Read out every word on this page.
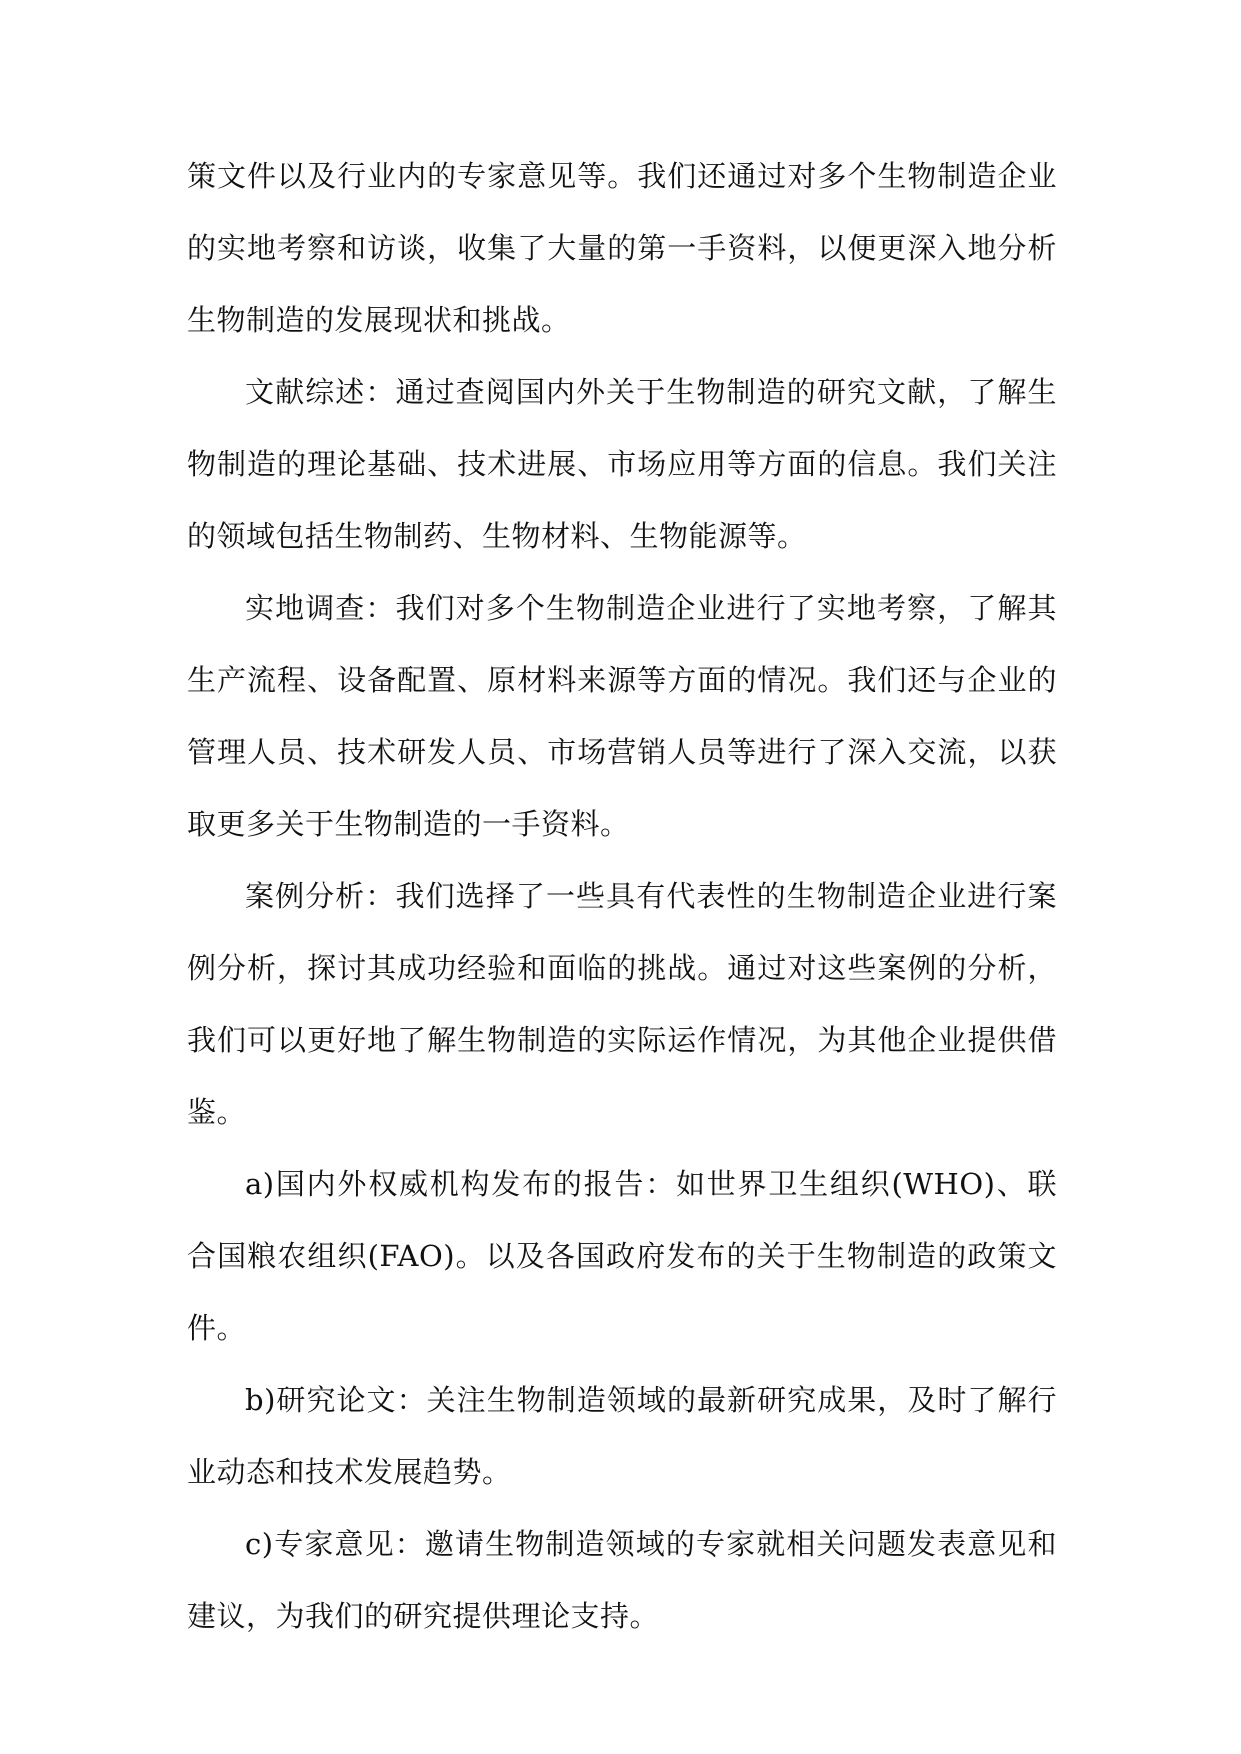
策文件以及行业内的专家意见等。我们还通过对多个生物制造企业的实地考察和访谈，收集了大量的第一手资料，以便更深入地分析生物制造的发展现状和挑战。

文献综述：通过查阅国内外关于生物制造的研究文献，了解生物制造的理论基础、技术进展、市场应用等方面的信息。我们关注的领域包括生物制药、生物材料、生物能源等。

实地调查：我们对多个生物制造企业进行了实地考察，了解其生产流程、设备配置、原材料来源等方面的情况。我们还与企业的管理人员、技术研发人员、市场营销人员等进行了深入交流，以获取更多关于生物制造的一手资料。

案例分析：我们选择了一些具有代表性的生物制造企业进行案例分析，探讨其成功经验和面临的挑战。通过对这些案例的分析，我们可以更好地了解生物制造的实际运作情况，为其他企业提供借鉴。

a)国内外权威机构发布的报告：如世界卫生组织(WHO)、联合国粮农组织(FAO)。以及各国政府发布的关于生物制造的政策文件。

b)研究论文：关注生物制造领域的最新研究成果，及时了解行业动态和技术发展趋势。

c)专家意见：邀请生物制造领域的专家就相关问题发表意见和建议，为我们的研究提供理论支持。
